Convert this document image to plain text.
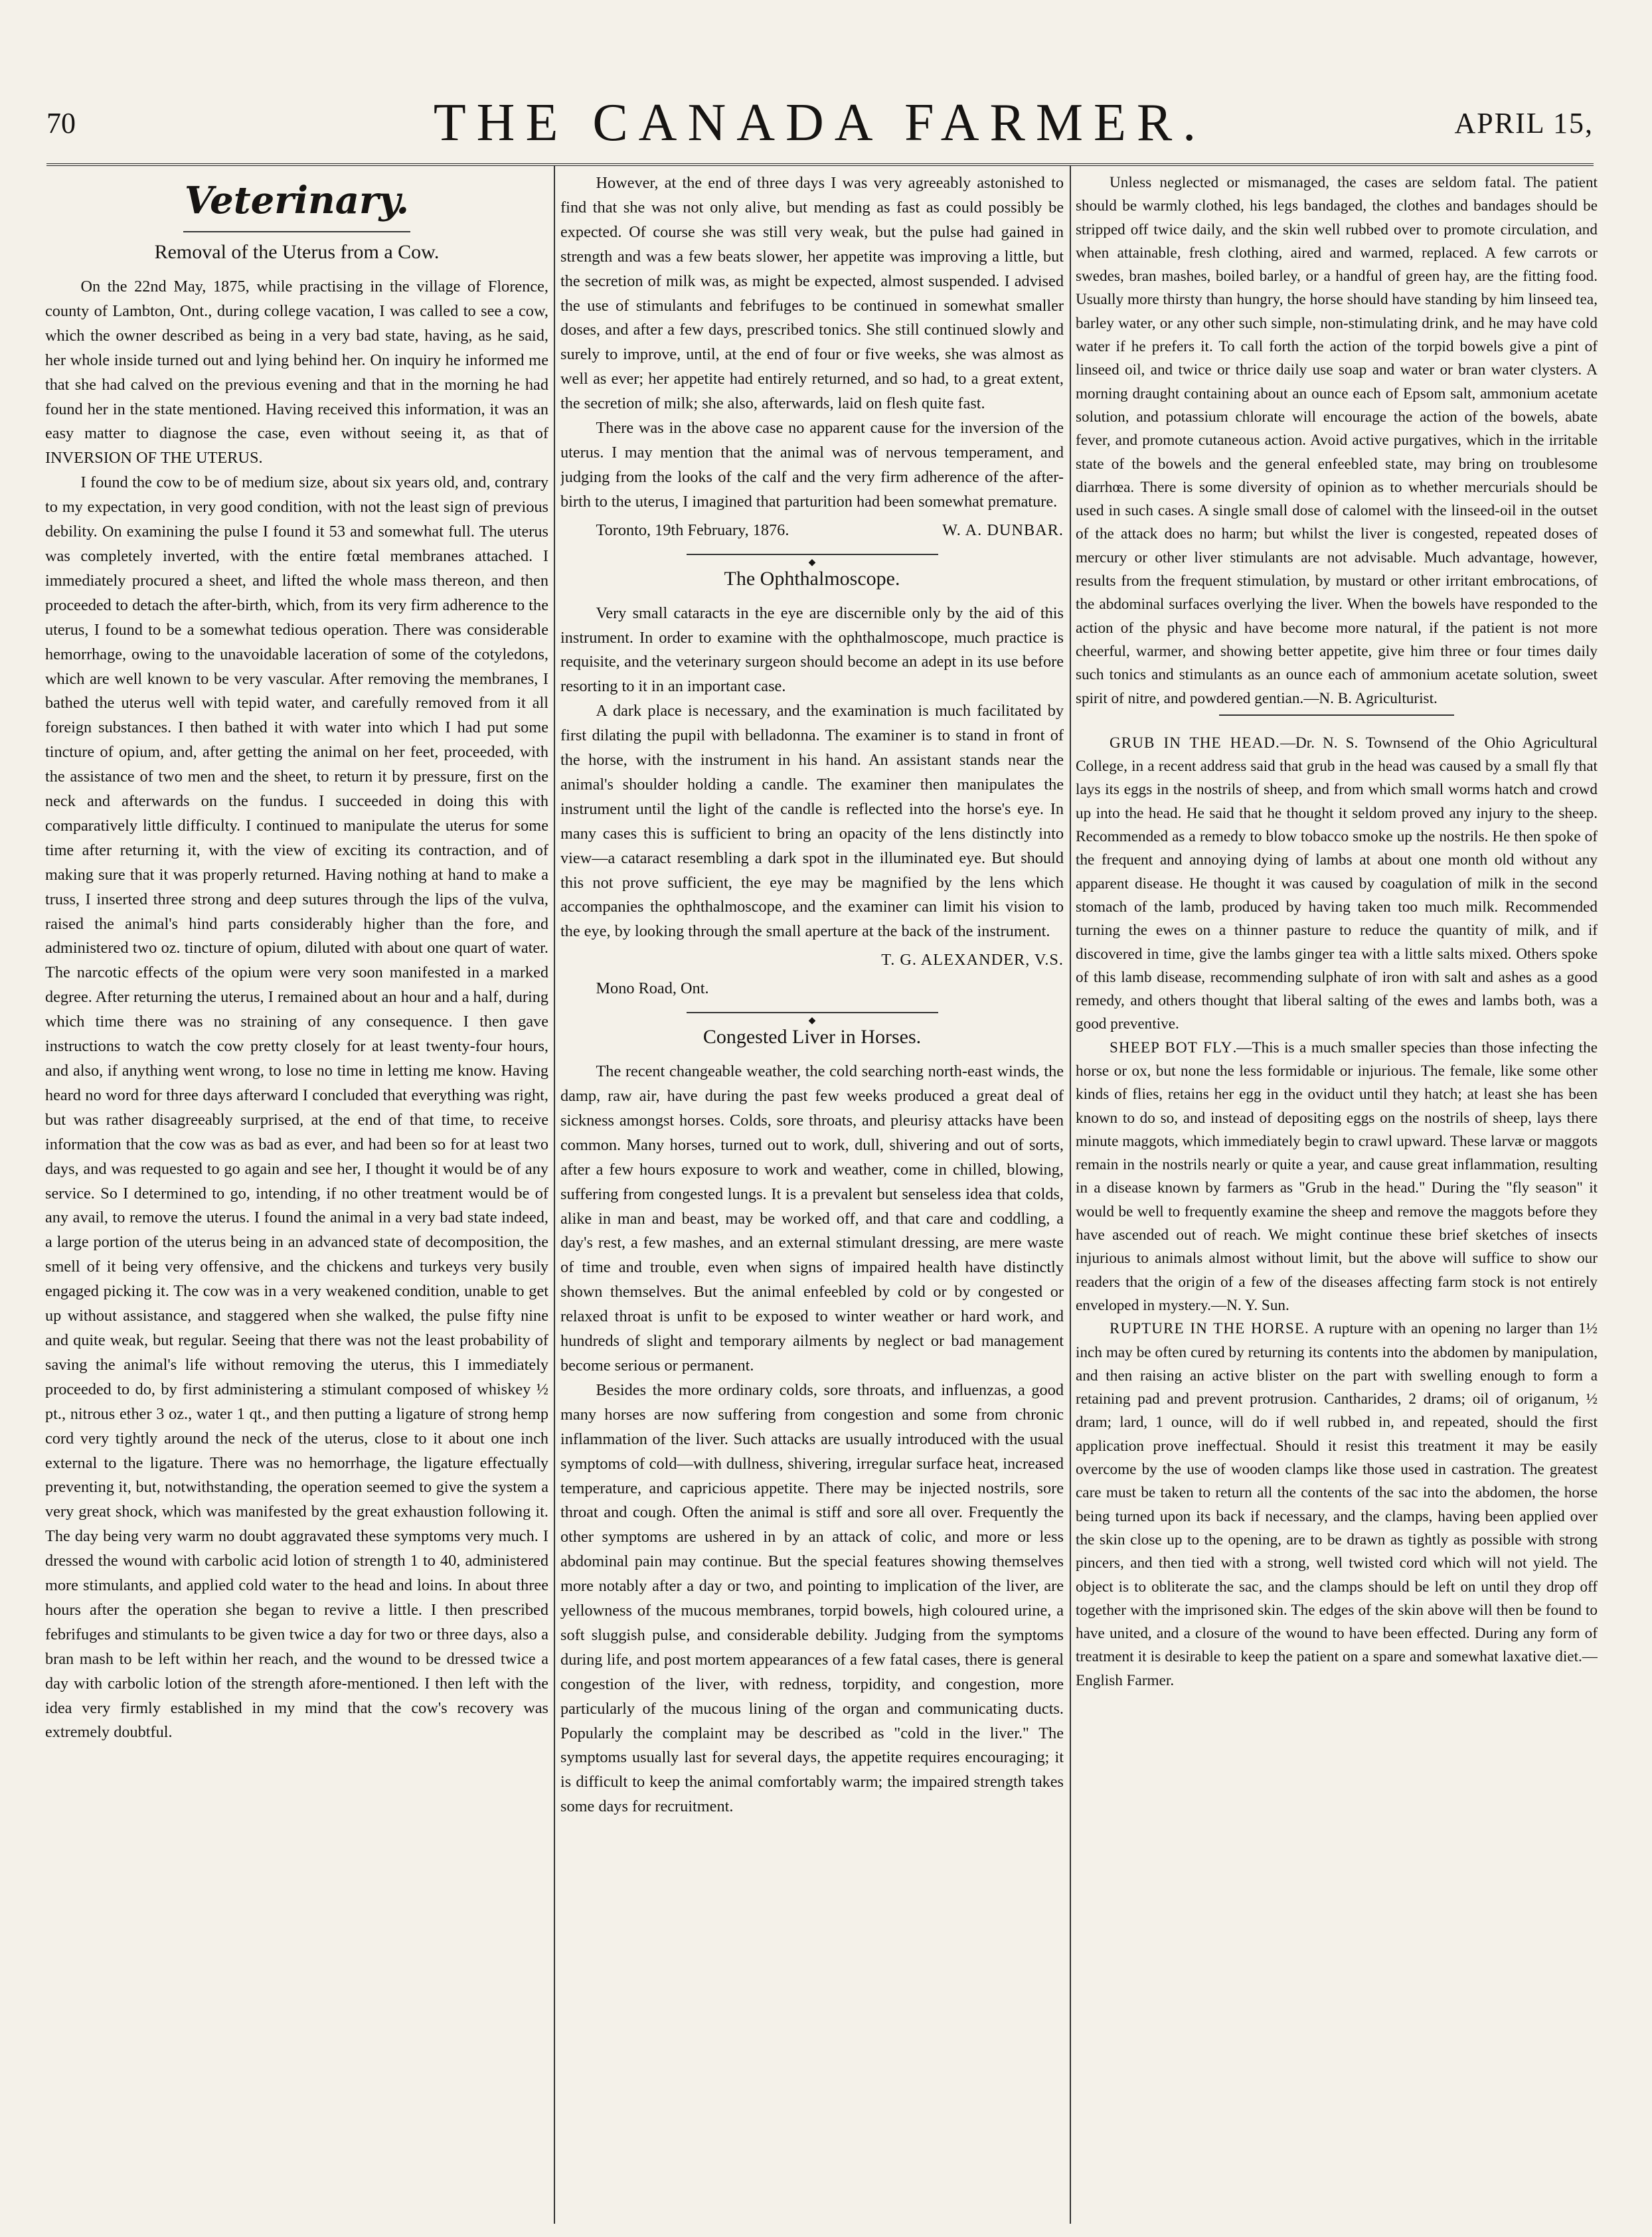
70	THE CANADA FARMER.	APRIL 15,
Veterinary.
Removal of the Uterus from a Cow.

On the 22nd May, 1875, while practising in the village of Florence, county of Lambton, Ont., during college vacation, I was called to see a cow, which the owner described as being in a very bad state, having, as he said, her whole inside turned out and lying behind her. On inquiry he informed me that she had calved on the previous evening and that in the morning he had found her in the state mentioned. Having received this information, it was an easy matter to diagnose the case, even without seeing it, as that of INVERSION OF THE UTERUS.

I found the cow to be of medium size, about six years old, and, contrary to my expectation, in very good condition, with not the least sign of previous debility. On examining the pulse I found it 53 and somewhat full. The uterus was completely inverted, with the entire fœtal membranes attached. I immediately procured a sheet, and lifted the whole mass thereon, and then proceeded to detach the after-birth, which, from its very firm adherence to the uterus, I found to be a somewhat tedious operation. There was considerable hemorrhage, owing to the unavoidable laceration of some of the cotyledons, which are well known to be very vascular. After removing the membranes, I bathed the uterus well with tepid water, and carefully removed from it all foreign substances. I then bathed it with water into which I had put some tincture of opium, and, after getting the animal on her feet, proceeded, with the assistance of two men and the sheet, to return it by pressure, first on the neck and afterwards on the fundus. I succeeded in doing this with comparatively little difficulty. I continued to manipulate the uterus for some time after returning it, with the view of exciting its contraction, and of making sure that it was properly returned. Having nothing at hand to make a truss, I inserted three strong and deep sutures through the lips of the vulva, raised the animal's hind parts considerably higher than the fore, and administered two oz. tincture of opium, diluted with about one quart of water. The narcotic effects of the opium were very soon manifested in a marked degree. After returning the uterus, I remained about an hour and a half, during which time there was no straining of any consequence. I then gave instructions to watch the cow pretty closely for at least twenty-four hours, and also, if anything went wrong, to lose no time in letting me know. Having heard no word for three days afterward I concluded that everything was right, but was rather disagreeably surprised, at the end of that time, to receive information that the cow was as bad as ever, and had been so for at least two days, and was requested to go again and see her, I thought it would be of any service. So I determined to go, intending, if no other treatment would be of any avail, to remove the uterus. I found the animal in a very bad state indeed, a large portion of the uterus being in an advanced state of decomposition, the smell of it being very offensive, and the chickens and turkeys very busily engaged picking it. The cow was in a very weakened condition, unable to get up without assistance, and staggered when she walked, the pulse fifty nine and quite weak, but regular. Seeing that there was not the least probability of saving the animal's life without removing the uterus, this I immediately proceeded to do, by first administering a stimulant composed of whiskey ½ pt., nitrous ether 3 oz., water 1 qt., and then putting a ligature of strong hemp cord very tightly around the neck of the uterus, close to it about one inch external to the ligature. There was no hemorrhage, the ligature effectually preventing it, but, notwithstanding, the operation seemed to give the system a very great shock, which was manifested by the great exhaustion following it. The day being very warm no doubt aggravated these symptoms very much. I dressed the wound with carbolic acid lotion of strength 1 to 40, administered more stimulants, and applied cold water to the head and loins. In about three hours after the operation she began to revive a little. I then prescribed febrifuges and stimulants to be given twice a day for two or three days, also a bran mash to be left within her reach, and the wound to be dressed twice a day with carbolic lotion of the strength afore-mentioned. I then left with the idea very firmly established in my mind that the cow's recovery was extremely doubtful.

However, at the end of three days I was very agreeably astonished to find that she was not only alive, but mending as fast as could possibly be expected. Of course she was still very weak, but the pulse had gained in strength and was a few beats slower, her appetite was improving a little, but the secretion of milk was, as might be expected, almost suspended. I advised the use of stimulants and febrifuges to be continued in somewhat smaller doses, and after a few days, prescribed tonics. She still continued slowly and surely to improve, until, at the end of four or five weeks, she was almost as well as ever; her appetite had entirely returned, and so had, to a great extent, the secretion of milk; she also, afterwards, laid on flesh quite fast.

There was in the above case no apparent cause for the inversion of the uterus. I may mention that the animal was of nervous temperament, and judging from the looks of the calf and the very firm adherence of the after-birth to the uterus, I imagined that parturition had been somewhat premature.

Toronto, 19th February, 1876.	W. A. DUNBAR.
◆
The Ophthalmoscope.

Very small cataracts in the eye are discernible only by the aid of this instrument. In order to examine with the ophthalmoscope, much practice is requisite, and the veterinary surgeon should become an adept in its use before resorting to it in an important case.

A dark place is necessary, and the examination is much facilitated by first dilating the pupil with belladonna. The examiner is to stand in front of the horse, with the instrument in his hand. An assistant stands near the animal's shoulder holding a candle. The examiner then manipulates the instrument until the light of the candle is reflected into the horse's eye. In many cases this is sufficient to bring an opacity of the lens distinctly into view—a cataract resembling a dark spot in the illuminated eye. But should this not prove sufficient, the eye may be magnified by the lens which accompanies the ophthalmoscope, and the examiner can limit his vision to the eye, by looking through the small aperture at the back of the instrument.

T. G. ALEXANDER, V.S.

Mono Road, Ont.

◆
Congested Liver in Horses.

The recent changeable weather, the cold searching north-east winds, the damp, raw air, have during the past few weeks produced a great deal of sickness amongst horses. Colds, sore throats, and pleurisy attacks have been common. Many horses, turned out to work, dull, shivering and out of sorts, after a few hours exposure to work and weather, come in chilled, blowing, suffering from congested lungs. It is a prevalent but senseless idea that colds, alike in man and beast, may be worked off, and that care and coddling, a day's rest, a few mashes, and an external stimulant dressing, are mere waste of time and trouble, even when signs of impaired health have distinctly shown themselves. But the animal enfeebled by cold or by congested or relaxed throat is unfit to be exposed to winter weather or hard work, and hundreds of slight and temporary ailments by neglect or bad management become serious or permanent.

Besides the more ordinary colds, sore throats, and influenzas, a good many horses are now suffering from congestion and some from chronic inflammation of the liver. Such attacks are usually introduced with the usual symptoms of cold—with dullness, shivering, irregular surface heat, increased temperature, and capricious appetite. There may be injected nostrils, sore throat and cough. Often the animal is stiff and sore all over. Frequently the other symptoms are ushered in by an attack of colic, and more or less abdominal pain may continue. But the special features showing themselves more notably after a day or two, and pointing to implication of the liver, are yellowness of the mucous membranes, torpid bowels, high coloured urine, a soft sluggish pulse, and considerable debility. Judging from the symptoms during life, and post mortem appearances of a few fatal cases, there is general congestion of the liver, with redness, torpidity, and congestion, more particularly of the mucous lining of the organ and communicating ducts. Popularly the complaint may be described as "cold in the liver." The symptoms usually last for several days, the appetite requires encouraging; it is difficult to keep the animal comfortably warm; the impaired strength takes some days for recruitment.

Unless neglected or mismanaged, the cases are seldom fatal. The patient should be warmly clothed, his legs bandaged, the clothes and bandages should be stripped off twice daily, and the skin well rubbed over to promote circulation, and when attainable, fresh clothing, aired and warmed, replaced. A few carrots or swedes, bran mashes, boiled barley, or a handful of green hay, are the fitting food. Usually more thirsty than hungry, the horse should have standing by him linseed tea, barley water, or any other such simple, non-stimulating drink, and he may have cold water if he prefers it. To call forth the action of the torpid bowels give a pint of linseed oil, and twice or thrice daily use soap and water or bran water clysters. A morning draught containing about an ounce each of Epsom salt, ammonium acetate solution, and potassium chlorate will encourage the action of the bowels, abate fever, and promote cutaneous action. Avoid active purgatives, which in the irritable state of the bowels and the general enfeebled state, may bring on troublesome diarrhœa. There is some diversity of opinion as to whether mercurials should be used in such cases. A single small dose of calomel with the linseed-oil in the outset of the attack does no harm; but whilst the liver is congested, repeated doses of mercury or other liver stimulants are not advisable. Much advantage, however, results from the frequent stimulation, by mustard or other irritant embrocations, of the abdominal surfaces overlying the liver. When the bowels have responded to the action of the physic and have become more natural, if the patient is not more cheerful, warmer, and showing better appetite, give him three or four times daily such tonics and stimulants as an ounce each of ammonium acetate solution, sweet spirit of nitre, and powdered gentian.—N. B. Agriculturist.

GRUB IN THE HEAD.—Dr. N. S. Townsend of the Ohio Agricultural College, in a recent address said that grub in the head was caused by a small fly that lays its eggs in the nostrils of sheep, and from which small worms hatch and crowd up into the head. He said that he thought it seldom proved any injury to the sheep. Recommended as a remedy to blow tobacco smoke up the nostrils. He then spoke of the frequent and annoying dying of lambs at about one month old without any apparent disease. He thought it was caused by coagulation of milk in the second stomach of the lamb, produced by having taken too much milk. Recommended turning the ewes on a thinner pasture to reduce the quantity of milk, and if discovered in time, give the lambs ginger tea with a little salts mixed. Others spoke of this lamb disease, recommending sulphate of iron with salt and ashes as a good remedy, and others thought that liberal salting of the ewes and lambs both, was a good preventive.

SHEEP BOT FLY.—This is a much smaller species than those infecting the horse or ox, but none the less formidable or injurious. The female, like some other kinds of flies, retains her egg in the oviduct until they hatch; at least she has been known to do so, and instead of depositing eggs on the nostrils of sheep, lays there minute maggots, which immediately begin to crawl upward. These larvæ or maggots remain in the nostrils nearly or quite a year, and cause great inflammation, resulting in a disease known by farmers as "Grub in the head." During the "fly season" it would be well to frequently examine the sheep and remove the maggots before they have ascended out of reach. We might continue these brief sketches of insects injurious to animals almost without limit, but the above will suffice to show our readers that the origin of a few of the diseases affecting farm stock is not entirely enveloped in mystery.—N. Y. Sun.

RUPTURE IN THE HORSE. A rupture with an opening no larger than 1½ inch may be often cured by returning its contents into the abdomen by manipulation, and then raising an active blister on the part with swelling enough to form a retaining pad and prevent protrusion. Cantharides, 2 drams; oil of origanum, ½ dram; lard, 1 ounce, will do if well rubbed in, and repeated, should the first application prove ineffectual. Should it resist this treatment it may be easily overcome by the use of wooden clamps like those used in castration. The greatest care must be taken to return all the contents of the sac into the abdomen, the horse being turned upon its back if necessary, and the clamps, having been applied over the skin close up to the opening, are to be drawn as tightly as possible with strong pincers, and then tied with a strong, well twisted cord which will not yield. The object is to obliterate the sac, and the clamps should be left on until they drop off together with the imprisoned skin. The edges of the skin above will then be found to have united, and a closure of the wound to have been effected. During any form of treatment it is desirable to keep the patient on a spare and somewhat laxative diet.—English Farmer.
